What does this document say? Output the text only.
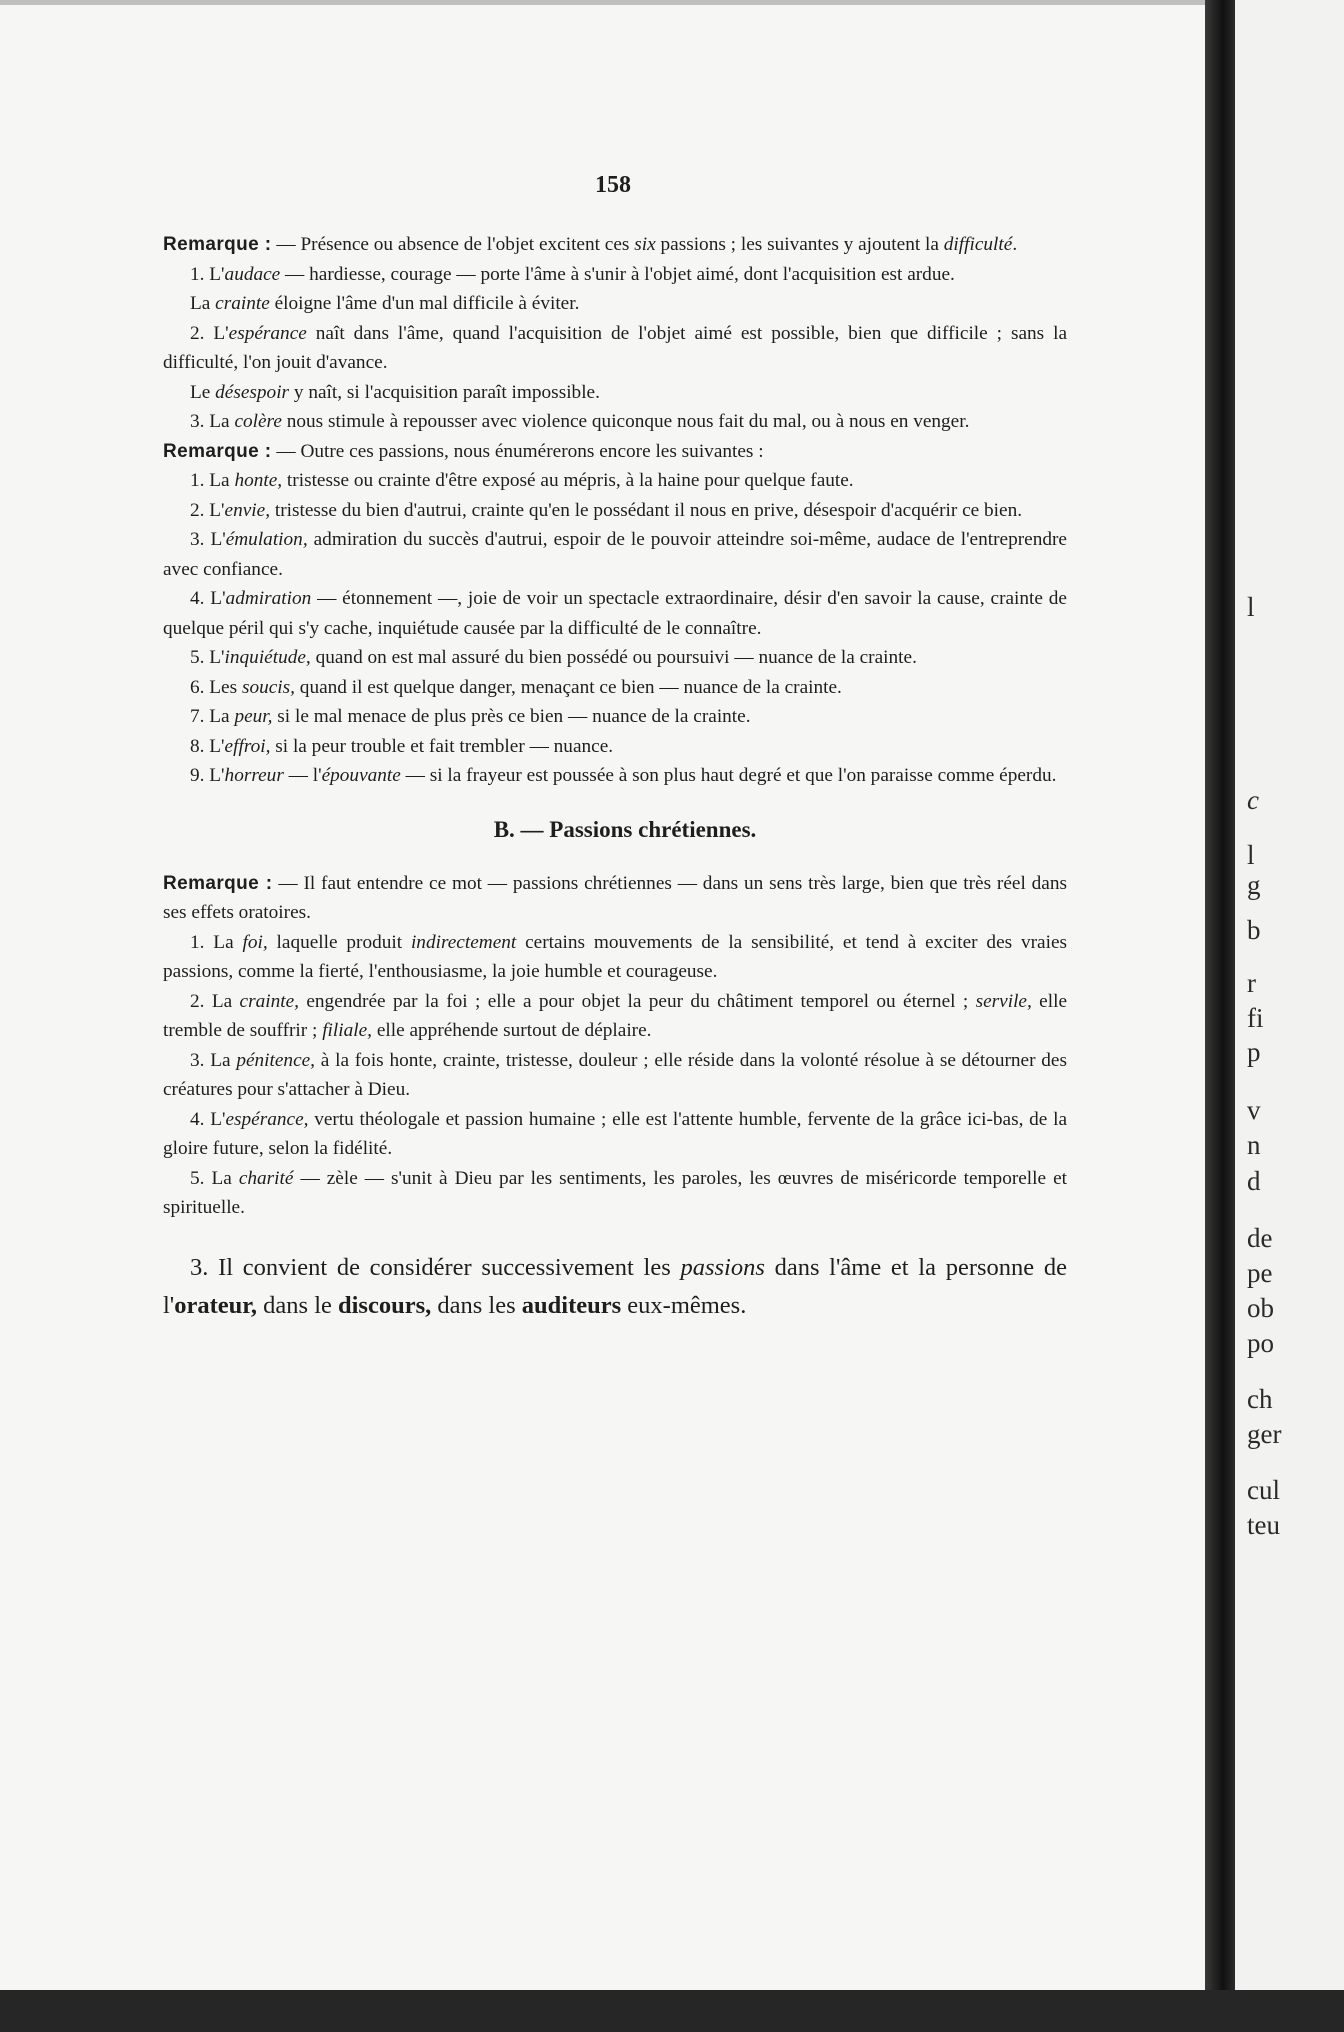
l
c
l
g
b
r
fi
p
v
n
d
de
pe
ob
po
ch
ger
cul
teu
158

Remarque : — Présence ou absence de l'objet excitent ces six passions ; les suivantes y ajoutent la difficulté.

1. L'audace — hardiesse, courage — porte l'âme à s'unir à l'objet aimé, dont l'acquisition est ardue.

La crainte éloigne l'âme d'un mal difficile à éviter.

2. L'espérance naît dans l'âme, quand l'acquisition de l'objet aimé est possible, bien que difficile ; sans la difficulté, l'on jouit d'avance.

Le désespoir y naît, si l'acquisition paraît impossible.

3. La colère nous stimule à repousser avec violence quiconque nous fait du mal, ou à nous en venger.

Remarque : — Outre ces passions, nous énumérerons encore les suivantes :

1. La honte, tristesse ou crainte d'être exposé au mépris, à la haine pour quelque faute.

2. L'envie, tristesse du bien d'autrui, crainte qu'en le possédant il nous en prive, désespoir d'acquérir ce bien.

3. L'émulation, admiration du succès d'autrui, espoir de le pouvoir atteindre soi-même, audace de l'entreprendre avec confiance.

4. L'admiration — étonnement —, joie de voir un spectacle extraordinaire, désir d'en savoir la cause, crainte de quelque péril qui s'y cache, inquiétude causée par la difficulté de le connaître.

5. L'inquiétude, quand on est mal assuré du bien possédé ou poursuivi — nuance de la crainte.

6. Les soucis, quand il est quelque danger, menaçant ce bien — nuance de la crainte.

7. La peur, si le mal menace de plus près ce bien — nuance de la crainte.

8. L'effroi, si la peur trouble et fait trembler — nuance.

9. L'horreur — l'épouvante — si la frayeur est poussée à son plus haut degré et que l'on paraisse comme éperdu.

B. — Passions chrétiennes.

Remarque : — Il faut entendre ce mot — passions chrétiennes — dans un sens très large, bien que très réel dans ses effets oratoires.

1. La foi, laquelle produit indirectement certains mouvements de la sensibilité, et tend à exciter des vraies passions, comme la fierté, l'enthousiasme, la joie humble et courageuse.

2. La crainte, engendrée par la foi ; elle a pour objet la peur du châtiment temporel ou éternel ; servile, elle tremble de souffrir ; filiale, elle appréhende surtout de déplaire.

3. La pénitence, à la fois honte, crainte, tristesse, douleur ; elle réside dans la volonté résolue à se détourner des créatures pour s'attacher à Dieu.

4. L'espérance, vertu théologale et passion humaine ; elle est l'attente humble, fervente de la grâce ici-bas, de la gloire future, selon la fidélité.

5. La charité — zèle — s'unit à Dieu par les sentiments, les paroles, les œuvres de miséricorde temporelle et spirituelle.

3. Il convient de considérer successivement les passions dans l'âme et la personne de l'orateur, dans le discours, dans les auditeurs eux-mêmes.
